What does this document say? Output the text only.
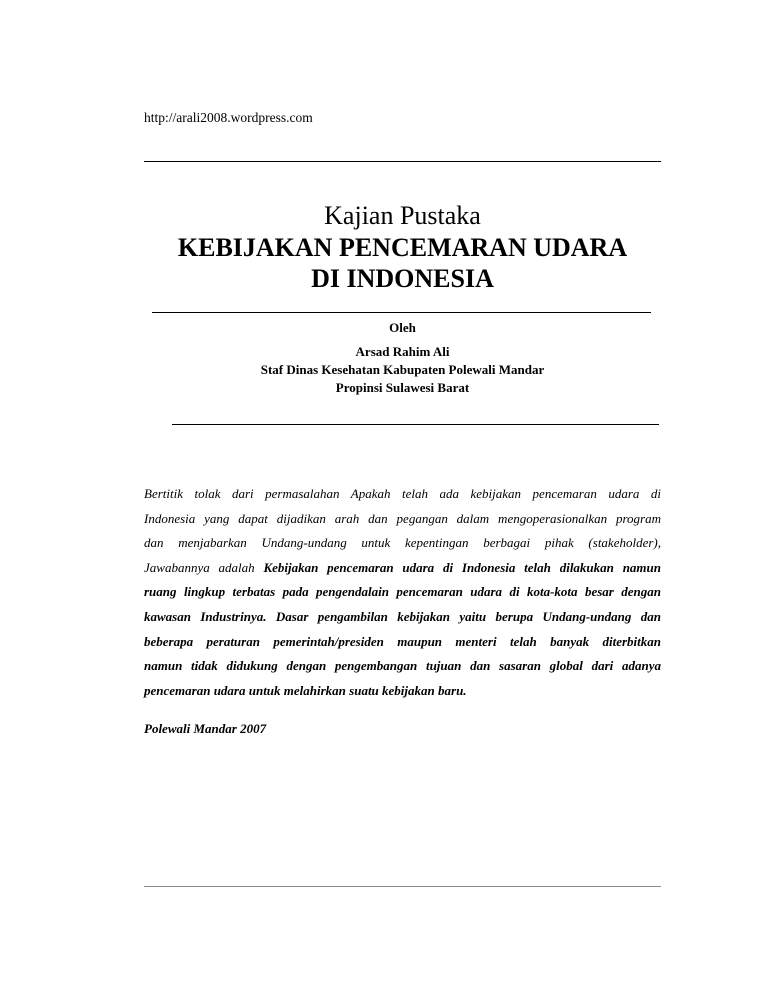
http://arali2008.wordpress.com
Kajian Pustaka
KEBIJAKAN PENCEMARAN UDARA
DI INDONESIA
Oleh
Arsad Rahim Ali
Staf Dinas Kesehatan Kabupaten Polewali Mandar
Propinsi Sulawesi Barat
Bertitik tolak dari permasalahan Apakah telah ada kebijakan pencemaran udara di
Indonesia yang dapat dijadikan arah dan pegangan dalam mengoperasionalkan program
dan menjabarkan Undang-undang untuk kepentingan berbagai pihak (stakeholder),
Jawabannya adalah Kebijakan pencemaran udara di Indonesia telah dilakukan namun
ruang lingkup terbatas pada pengendalain pencemaran udara di kota-kota besar dengan
kawasan Industrinya. Dasar pengambilan kebijakan yaitu berupa Undang-undang dan
beberapa peraturan pemerintah/presiden maupun menteri telah banyak diterbitkan
namun tidak didukung dengan pengembangan tujuan dan sasaran global dari adanya
pencemaran udara untuk melahirkan suatu kebijakan baru.
Polewali Mandar 2007
